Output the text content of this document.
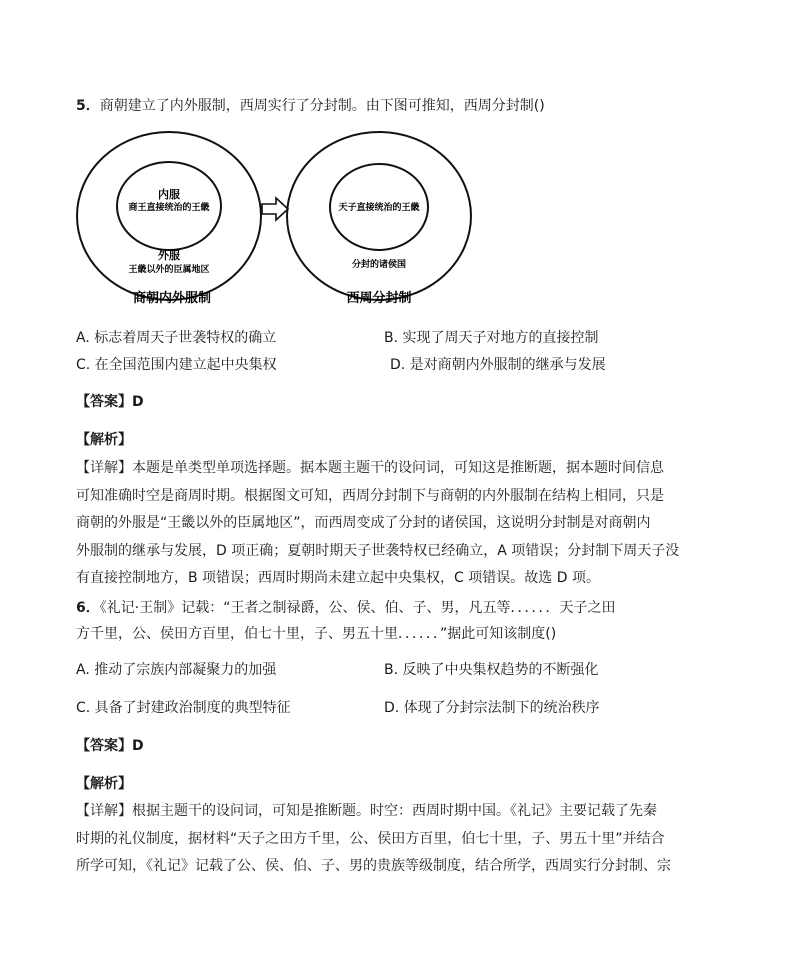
5．商朝建立了内外服制，西周实行了分封制。由下图可推知，西周分封制()
内服
商王直接统治的王畿
外服
王畿以外的臣属地区
商朝内外服制
天子直接统治的王畿
分封的诸侯国
西周分封制
A. 标志着周天子世袭特权的确立	B. 实现了周天子对地方的直接控制
C. 在全国范围内建立起中央集权	D. 是对商朝内外服制的继承与发展
【答案】D
【解析】
【详解】本题是单类型单项选择题。据本题主题干的设问词，可知这是推断题，据本题时间信息
可知准确时空是商周时期。根据图文可知，西周分封制下与商朝的内外服制在结构上相同，只是
商朝的外服是“王畿以外的臣属地区”，而西周变成了分封的诸侯国，这说明分封制是对商朝内
外服制的继承与发展，D 项正确；夏朝时期天子世袭特权已经确立，A 项错误；分封制下周天子没
有直接控制地方，B 项错误；西周时期尚未建立起中央集权，C 项错误。故选 D 项。
6．《礼记·王制》记载：“王者之制禄爵，公、侯、伯、子、男，凡五等．．．．．．天子之田
方千里，公、侯田方百里，伯七十里，子、男五十里．．．．．．”据此可知该制度()
A. 推动了宗族内部凝聚力的加强	B. 反映了中央集权趋势的不断强化
C. 具备了封建政治制度的典型特征	D. 体现了分封宗法制下的统治秩序
【答案】D
【解析】
【详解】根据主题干的设问词，可知是推断题。时空：西周时期中国。《礼记》主要记载了先秦
时期的礼仪制度，据材料“天子之田方千里，公、侯田方百里，伯七十里，子、男五十里”并结合
所学可知，《礼记》记载了公、侯、伯、子、男的贵族等级制度，结合所学，西周实行分封制、宗
